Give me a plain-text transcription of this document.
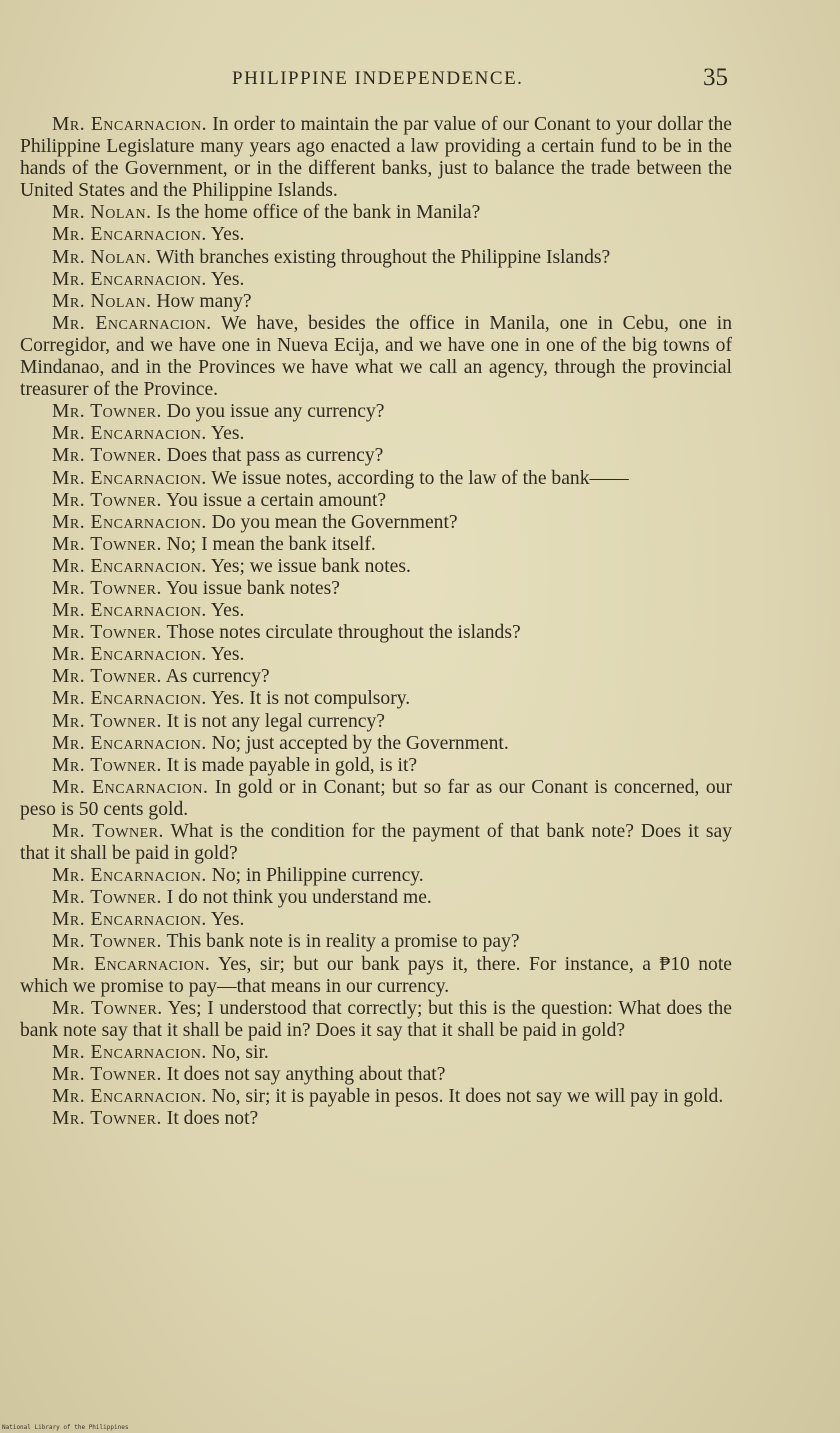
PHILIPPINE INDEPENDENCE.	35

Mr. Encarnacion. In order to maintain the par value of our Conant to your dollar the Philippine Legislature many years ago enacted a law providing a certain fund to be in the hands of the Government, or in the different banks, just to balance the trade between the United States and the Philippine Islands.

Mr. Nolan. Is the home office of the bank in Manila?

Mr. Encarnacion. Yes.

Mr. Nolan. With branches existing throughout the Philippine Islands?

Mr. Encarnacion. Yes.

Mr. Nolan. How many?

Mr. Encarnacion. We have, besides the office in Manila, one in Cebu, one in Corregidor, and we have one in Nueva Ecija, and we have one in one of the big towns of Mindanao, and in the Provinces we have what we call an agency, through the provincial treasurer of the Province.

Mr. Towner. Do you issue any currency?

Mr. Encarnacion. Yes.

Mr. Towner. Does that pass as currency?

Mr. Encarnacion. We issue notes, according to the law of the bank——

Mr. Towner. You issue a certain amount?

Mr. Encarnacion. Do you mean the Government?

Mr. Towner. No; I mean the bank itself.

Mr. Encarnacion. Yes; we issue bank notes.

Mr. Towner. You issue bank notes?

Mr. Encarnacion. Yes.

Mr. Towner. Those notes circulate throughout the islands?

Mr. Encarnacion. Yes.

Mr. Towner. As currency?

Mr. Encarnacion. Yes. It is not compulsory.

Mr. Towner. It is not any legal currency?

Mr. Encarnacion. No; just accepted by the Government.

Mr. Towner. It is made payable in gold, is it?

Mr. Encarnacion. In gold or in Conant; but so far as our Conant is concerned, our peso is 50 cents gold.

Mr. Towner. What is the condition for the payment of that bank note? Does it say that it shall be paid in gold?

Mr. Encarnacion. No; in Philippine currency.

Mr. Towner. I do not think you understand me.

Mr. Encarnacion. Yes.

Mr. Towner. This bank note is in reality a promise to pay?

Mr. Encarnacion. Yes, sir; but our bank pays it, there. For instance, a ₱10 note which we promise to pay—that means in our currency.

Mr. Towner. Yes; I understood that correctly; but this is the question: What does the bank note say that it shall be paid in? Does it say that it shall be paid in gold?

Mr. Encarnacion. No, sir.

Mr. Towner. It does not say anything about that?

Mr. Encarnacion. No, sir; it is payable in pesos. It does not say we will pay in gold.

Mr. Towner. It does not?

National Library of the Philippines
